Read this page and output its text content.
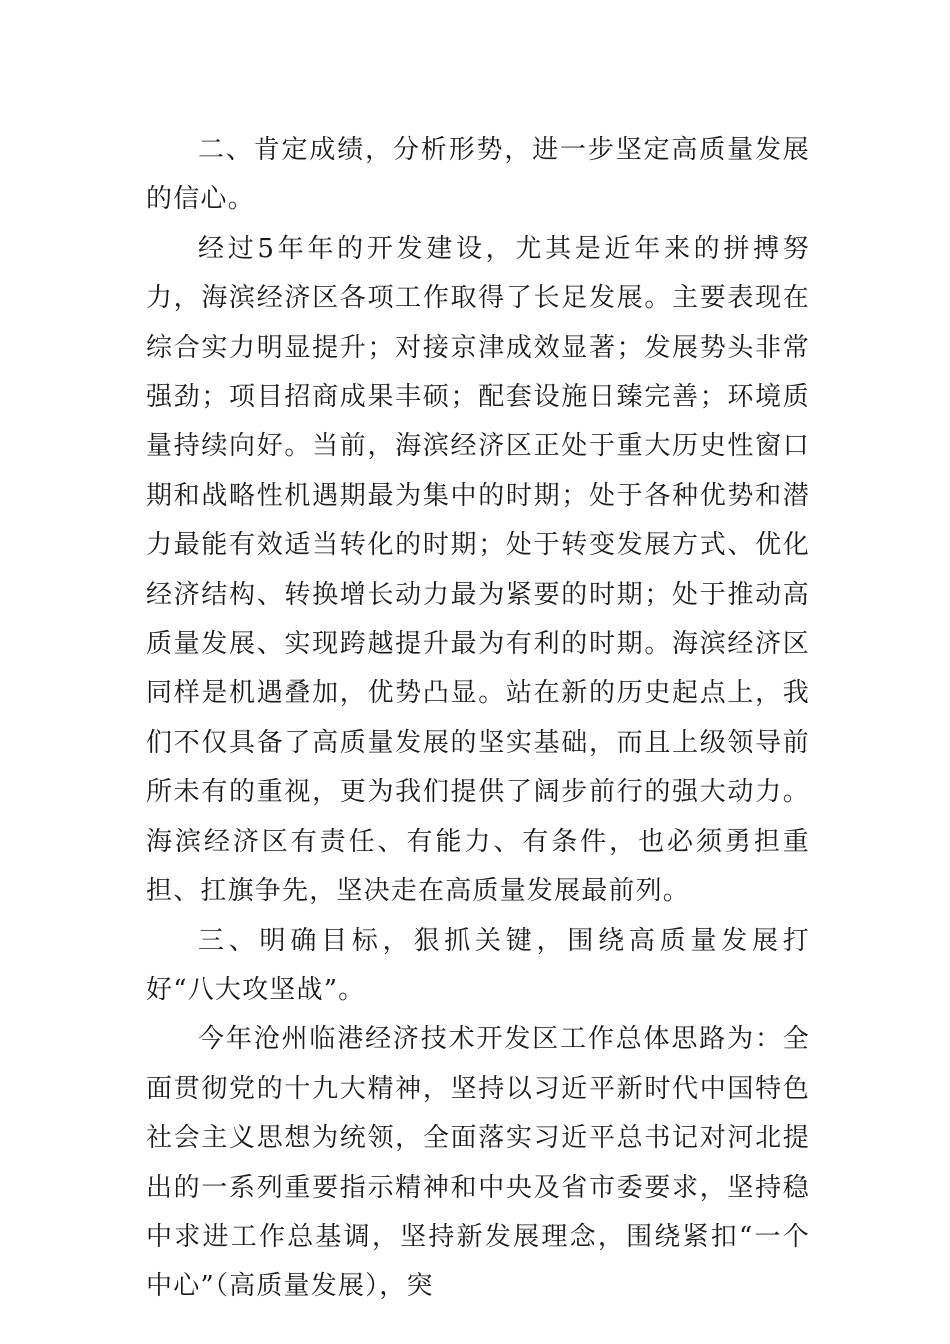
二、肯定成绩，分析形势，进一步坚定高质量发展的信心。

经过5年年的开发建设，尤其是近年来的拼搏努力，海滨经济区各项工作取得了长足发展。主要表现在综合实力明显提升；对接京津成效显著；发展势头非常强劲；项目招商成果丰硕；配套设施日臻完善；环境质量持续向好。当前，海滨经济区正处于重大历史性窗口期和战略性机遇期最为集中的时期；处于各种优势和潜力最能有效适当转化的时期；处于转变发展方式、优化经济结构、转换增长动力最为紧要的时期；处于推动高质量发展、实现跨越提升最为有利的时期。海滨经济区同样是机遇叠加，优势凸显。站在新的历史起点上，我们不仅具备了高质量发展的坚实基础，而且上级领导前所未有的重视，更为我们提供了阔步前行的强大动力。海滨经济区有责任、有能力、有条件，也必须勇担重担、扛旗争先，坚决走在高质量发展最前列。

三、明确目标，狠抓关键，围绕高质量发展打好“八大攻坚战”。

今年沧州临港经济技术开发区工作总体思路为：全面贯彻党的十九大精神，坚持以习近平新时代中国特色社会主义思想为统领，全面落实习近平总书记对河北提出的一系列重要指示精神和中央及省市委要求，坚持稳中求进工作总基调，坚持新发展理念，围绕紧扣“一个中心”（高质量发展），突
